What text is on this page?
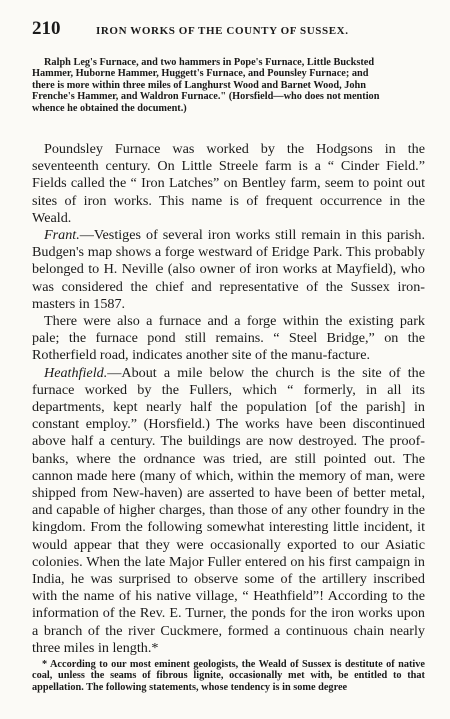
210	IRON WORKS OF THE COUNTY OF SUSSEX.
Ralph Leg's Furnace, and two hammers in Pope's Furnace, Little Bucksted
Hammer, Huborne Hammer, Huggett's Furnace, and Pounsley Furnace; and
there is more within three miles of Langhurst Wood and Barnet Wood, John
Frenche's Hammer, and Waldron Furnace." (Horsfield—who does not mention
whence he obtained the document.)

Poundsley Furnace was worked by the Hodgsons in the seventeenth century. On Little Streele farm is a “ Cinder Field.” Fields called the “ Iron Latches” on Bentley farm, seem to point out sites of iron works. This name is of frequent occurrence in the Weald.

Frant.—Vestiges of several iron works still remain in this parish. Budgen's map shows a forge westward of Eridge Park. This probably belonged to H. Neville (also owner of iron works at Mayfield), who was considered the chief and representative of the Sussex iron-masters in 1587.

There were also a furnace and a forge within the existing park pale; the furnace pond still remains. “ Steel Bridge,” on the Rotherfield road, indicates another site of the manu-facture.

Heathfield.—About a mile below the church is the site of the furnace worked by the Fullers, which “ formerly, in all its departments, kept nearly half the population [of the parish] in constant employ.” (Horsfield.) The works have been discontinued above half a century. The buildings are now destroyed. The proof-banks, where the ordnance was tried, are still pointed out. The cannon made here (many of which, within the memory of man, were shipped from New-haven) are asserted to have been of better metal, and capable of higher charges, than those of any other foundry in the kingdom. From the following somewhat interesting little incident, it would appear that they were occasionally exported to our Asiatic colonies. When the late Major Fuller entered on his first campaign in India, he was surprised to observe some of the artillery inscribed with the name of his native village, “ Heathfield”! According to the information of the Rev. E. Turner, the ponds for the iron works upon a branch of the river Cuckmere, formed a continuous chain nearly three miles in length.*

* According to our most eminent geologists, the Weald of Sussex is destitute of native coal, unless the seams of fibrous lignite, occasionally met with, be entitled to that appellation. The following statements, whose tendency is in some degree
